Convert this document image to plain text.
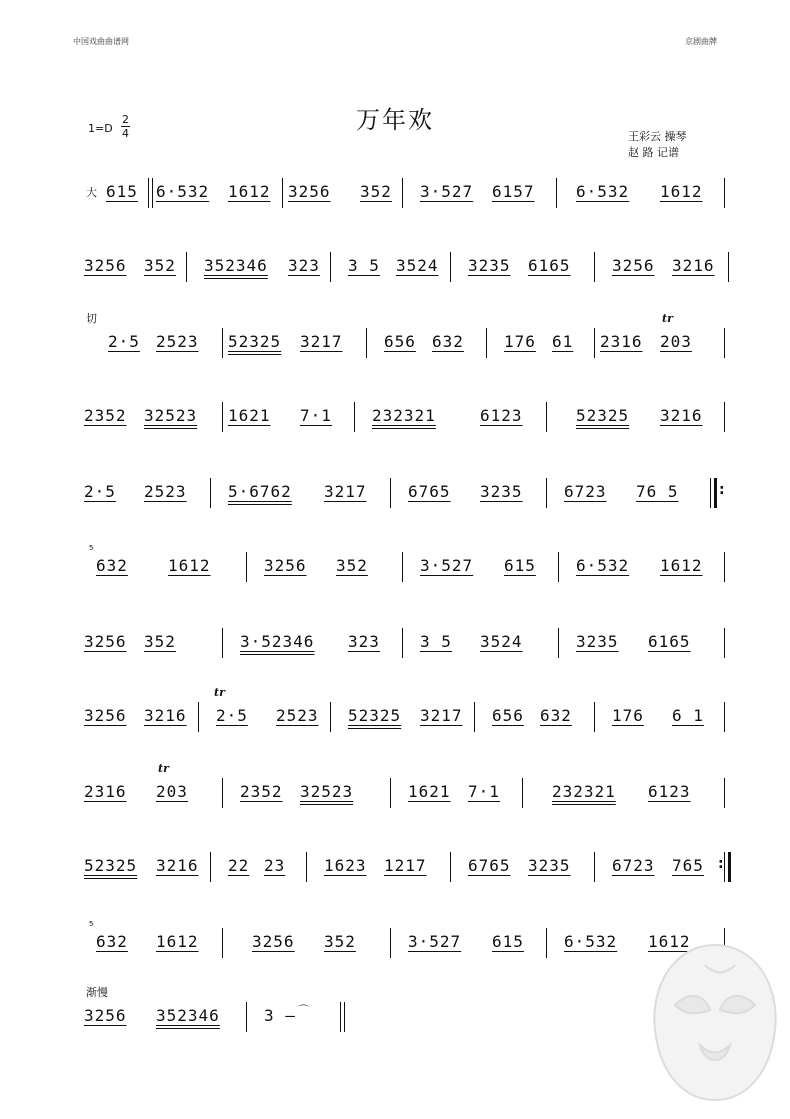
中国戏曲曲谱网	京剧曲牌
万年欢
1=D
2
4	王彩云 操琴
赵 路 记谱
大 615 6·532 1612 3256 352 3·527 6157	6·532 1612
3256 352 352346 323 3 5 3524 3235 6165	3256 3216
切
2·5 2523 52325 3217	656 632	176 61 2316
tr
203
2352 32523 1621 7·1	232321	6123	52325 3216
2·5 2523	5·6762 3217	6765 3235	6723 76 5	:
5
632	1612	3256 352	3·527 615	6·532 1612
3256 352	3·52346 323	3 5 3524	3235 6165
3256 3216
tr
2·5 2523 52325 3217 656 632	176 6 1
2316
tr
203	2352 32523	1621 7·1	232321 6123
52325 3216 22 23 1623 1217	6765 3235	6723 765 :
5
632 1612	3256 352	3·527 615	6·532 1612
渐慢
3256 352346	3 – ⌒
